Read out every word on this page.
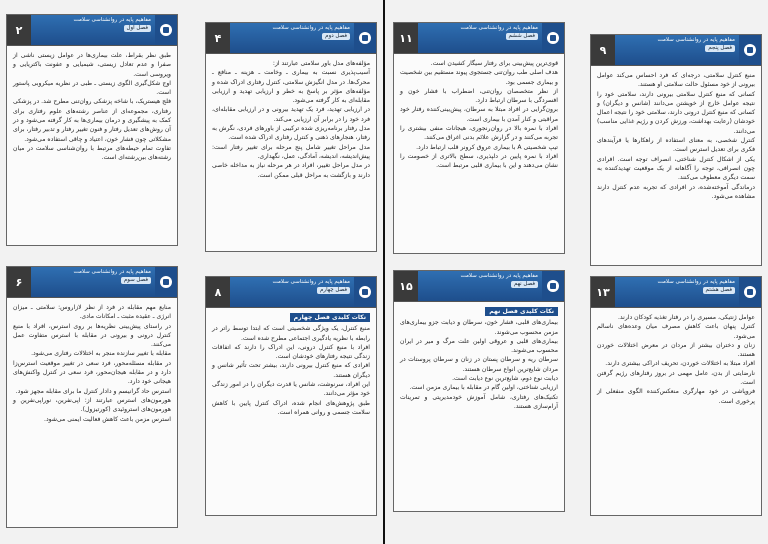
۲
مفاهیم پایه در روانشناسی سلامت
فصل اول
طبق نظر بقراط، علت بیماری‌ها در عوامل زیستی ناشی از صفرا و عدم تعادل زیستی، شیمیایی و عفونت باکتریایی و ویروسی است.
اوج شکل‌گیری الگوی زیستی ـ طبی در نظریه میکروبی پاستور است.
فلج هیستریک، با شاخه پزشکی روان‌تنی مطرح شد. در پزشکی رفتاری، مجموعه‌ای از عناصر رشته‌های علوم رفتاری برای کمک به پیشگیری و درمان بیماری‌ها به کار گرفته می‌شود و در آن روش‌های تعدیل رفتار و فنون تغییر رفتار و تدبیر رفتار، برای مشکلاتی چون فشار خون، اعتیاد و چاقی استفاده می‌شود.
تفاوت تمام حیطه‌های مرتبط با روان‌شناسی سلامت در میان رشته‌های بین‌رشته‌ای است.
۴
مفاهیم پایه در روانشناسی سلامت
فصل دوم
مؤلفه‌های مدل باور سلامتی عبارتند از:
آسیب‌پذیری نسبت به بیماری ـ وخامت ـ هزینه ـ منافع ـ محرک‌ها. در مدل انگیزش سلامتی، کنترل رفتاری ادراک شده و مؤلفه‌های مؤثر بر پاسخ به خطر و ارزیابی تهدید و ارزیابی مقابله‌ای به کار گرفته می‌شود.
در ارزیابی تهدید، فرد یک تهدید بیرونی و در ارزیابی مقابله‌ای، فرد خود را در برابر آن ارزیابی می‌کند.
مدل رفتار برنامه‌ریزی شده ترکیبی از باورهای فردی، نگرش به رفتار، هنجارهای ذهنی و کنترل رفتاری ادراک شده است.
مدل مراحل تغییر شامل پنج مرحله برای تغییر رفتار است: پیش‌اندیشه، اندیشه، آمادگی، عمل، نگهداری.
در مدل مراحل تغییر، افراد در هر مرحله نیاز به مداخله خاصی دارند و بازگشت به مراحل قبلی ممکن است.
۱۱
مفاهیم پایه در روانشناسی سلامت
فصل ششم
قوی‌ترین پیش‌بینی برای رفتار سیگار کشیدن است.
هدف اصلی طب روان‌تنی جستجوی پیوند مستقیم بین شخصیت و بیماری جسمی بود.
از نظر متخصصان روان‌تنی، اضطراب با فشار خون و افسردگی با سرطان ارتباط دارد.
برون‌گرایی در افراد مبتلا به سرطان، پیش‌بینی‌کننده رفتار خود مراقبتی و کنار آمدن با بیماری است.
افراد با نمره بالا در روان‌رنجوری، هیجانات منفی بیشتری را تجربه می‌کنند و در گزارش علائم بدنی اغراق می‌کنند.
تیپ شخصیتی A با بیماری عروق کرونر قلب ارتباط دارد.
افراد با نمره پایین در دلپذیری، سطح بالاتری از خصومت را نشان می‌دهند و این با بیماری قلبی مرتبط است.
۹
مفاهیم پایه در روانشناسی سلامت
فصل پنجم
منبع کنترل سلامتی، درجه‌ای که فرد احساس می‌کند عوامل بیرونی از خود مسئول حالت سلامتی او هستند.
کسانی که منبع کنترل سلامتی بیرونی دارند، سلامتی خود را نتیجه عوامل خارج از خویشتن می‌دانند (شانس و دیگران) و کسانی که منبع کنترل درونی دارند، سلامتی خود را نتیجه اعمال خودشان (رعایت بهداشت، ورزش کردن و رژیم غذایی مناسب) می‌دانند.
کنترل شخصی، به معنای استفاده از راهکارها یا فرآیندهای فکری برای تعدیل استرس است.
یکی از اشکال کنترل شناختی، انصراف توجه است. افرادی چون انصرافی، توجه را آگاهانه از یک موقعیت تهدیدکننده به سمت دیگری معطوف می‌کنند.
درماندگی آموخته‌شده، در افرادی که تجربه عدم کنترل دارند مشاهده می‌شود.
۶
مفاهیم پایه در روانشناسی سلامت
فصل سوم
منابع مهم مقابله در فرد از نظر لازاروس: سلامتی ـ میزان انرژی ـ عقیده مثبت ـ امکانات مادی.
در راستای پیش‌بینی نظریه‌ها بر روی استرس، افراد با منبع کنترل درونی و بیرونی در مقابله با استرس متفاوت عمل می‌کنند.
مقابله با تغییر سازنده منجر به اختلالات رفتاری می‌شود.
در مقابله مسئله‌محور، فرد سعی در تغییر موقعیت استرس‌زا دارد و در مقابله هیجان‌محور، فرد سعی در کنترل واکنش‌های هیجانی خود دارد.
استرس حاد گرانیسم و دادار کنترل ما برای مقابله مجهز شود.
هورمون‌های استرس عبارتند از: اپی‌نفرین، نوراپی‌نفرین و هورمون‌های استروئیدی (کورتیزول).
استرس مزمن باعث کاهش فعالیت ایمنی می‌شود.
۸
مفاهیم پایه در روانشناسی سلامت
فصل چهارم
نکات کلیدی فصل چهارم
منبع کنترل، یک ویژگی شخصیتی است که ابتدا توسط راتر در رابطه با نظریه یادگیری اجتماعی مطرح شده است.
افراد با منبع کنترل درونی، این ادراک را دارند که اتفاقات زندگی نتیجه رفتارهای خودشان است.
افرادی که منبع کنترل بیرونی دارند، بیشتر تحت تأثیر شانس و دیگران هستند.
این افراد، سرنوشت، شانس یا قدرت دیگران را در امور زندگی خود مؤثر می‌دانند.
طبق پژوهش‌های انجام شده، ادراک کنترل پایین با کاهش سلامت جسمی و روانی همراه است.
۱۵
مفاهیم پایه در روانشناسی سلامت
فصل نهم
نکات کلیدی فصل نهم
بیماری‌های قلبی، فشار خون، سرطان و دیابت جزو بیماری‌های مزمن محسوب می‌شوند.
بیماری‌های قلبی و عروقی اولین علت مرگ و میر در ایران محسوب می‌شوند.
سرطان ریه و سرطان پستان در زنان و سرطان پروستات در مردان شایع‌ترین انواع سرطان هستند.
دیابت نوع دوم، شایع‌ترین نوع دیابت است.
ارزیابی شناختی، اولین گام در مقابله با بیماری مزمن است.
تکنیک‌های رفتاری، شامل آموزش خودمدیریتی و تمرینات آرام‌سازی هستند.
۱۳
مفاهیم پایه در روانشناسی سلامت
فصل هشتم
عوامل ژنتیکی، مسیری را در رفتار تغذیه کودکان دارند.
کنترل پنهان باعث کاهش مصرف میان وعده‌های ناسالم می‌شود.
زنان و دختران بیشتر از مردان در معرض اختلالات خوردن هستند.
افراد مبتلا به اختلالات خوردن، تحریف ادراکی بیشتری دارند.
نارضایتی از بدن، عامل مهمی در بروز رفتارهای رژیم گرفتن است.
فروپاشی در خود مهارگری منعکس‌کننده الگوی منفعلی از پرخوری است.
